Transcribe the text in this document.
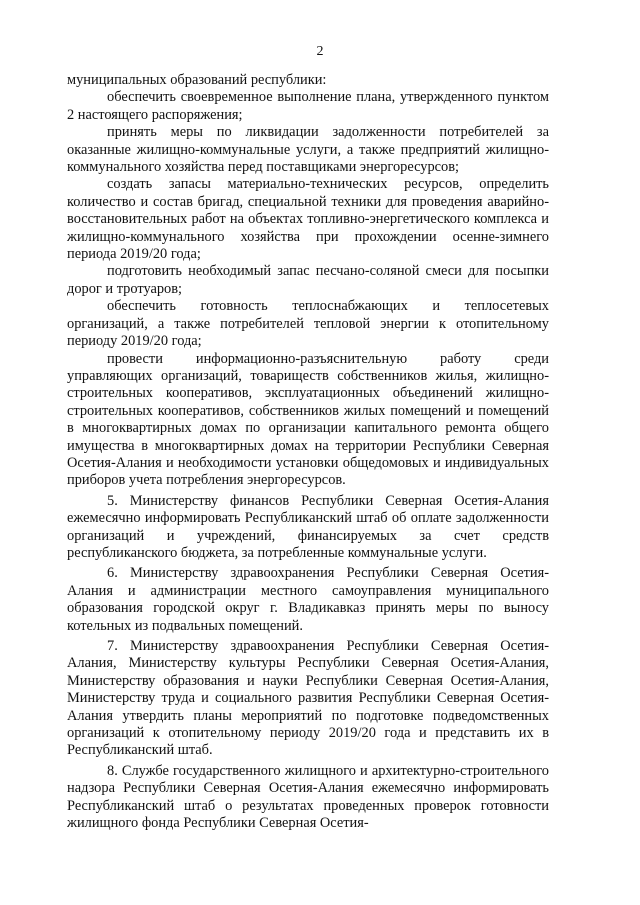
2

муниципальных образований республики:

обеспечить своевременное выполнение плана, утвержденного пунктом 2 настоящего распоряжения;

принять меры по ликвидации задолженности потребителей за оказанные жилищно-коммунальные услуги, а также предприятий жилищно-коммунального хозяйства перед поставщиками энергоресурсов;

создать запасы материально-технических ресурсов, определить количество и состав бригад, специальной техники для проведения аварийно-восстановительных работ на объектах топливно-энергетического комплекса и жилищно-коммунального хозяйства при прохождении осенне-зимнего периода 2019/20 года;

подготовить необходимый запас песчано-соляной смеси для посыпки дорог и тротуаров;

обеспечить готовность теплоснабжающих и теплосетевых организаций, а также потребителей тепловой энергии к отопительному периоду 2019/20 года;

провести информационно-разъяснительную работу среди управляющих организаций, товариществ собственников жилья, жилищно-строительных кооперативов, эксплуатационных объединений жилищно-строительных кооперативов, собственников жилых помещений и помещений в многоквартирных домах по организации капитального ремонта общего имущества в многоквартирных домах на территории Республики Северная Осетия-Алания и необходимости установки общедомовых и индивидуальных приборов учета потребления энергоресурсов.

5. Министерству финансов Республики Северная Осетия-Алания ежемесячно информировать Республиканский штаб об оплате задолженности организаций и учреждений, финансируемых за счет средств республиканского бюджета, за потребленные коммунальные услуги.

6. Министерству здравоохранения Республики Северная Осетия-Алания и администрации местного самоуправления муниципального образования городской округ г. Владикавказ принять меры по выносу котельных из подвальных помещений.

7. Министерству здравоохранения Республики Северная Осетия-Алания, Министерству культуры Республики Северная Осетия-Алания, Министерству образования и науки Республики Северная Осетия-Алания, Министерству труда и социального развития Республики Северная Осетия-Алания утвердить планы мероприятий по подготовке подведомственных организаций к отопительному периоду 2019/20 года и представить их в Республиканский штаб.

8. Службе государственного жилищного и архитектурно-строительного надзора Республики Северная Осетия-Алания ежемесячно информировать Республиканский штаб о результатах проведенных проверок готовности жилищного фонда Республики Северная Осетия-
